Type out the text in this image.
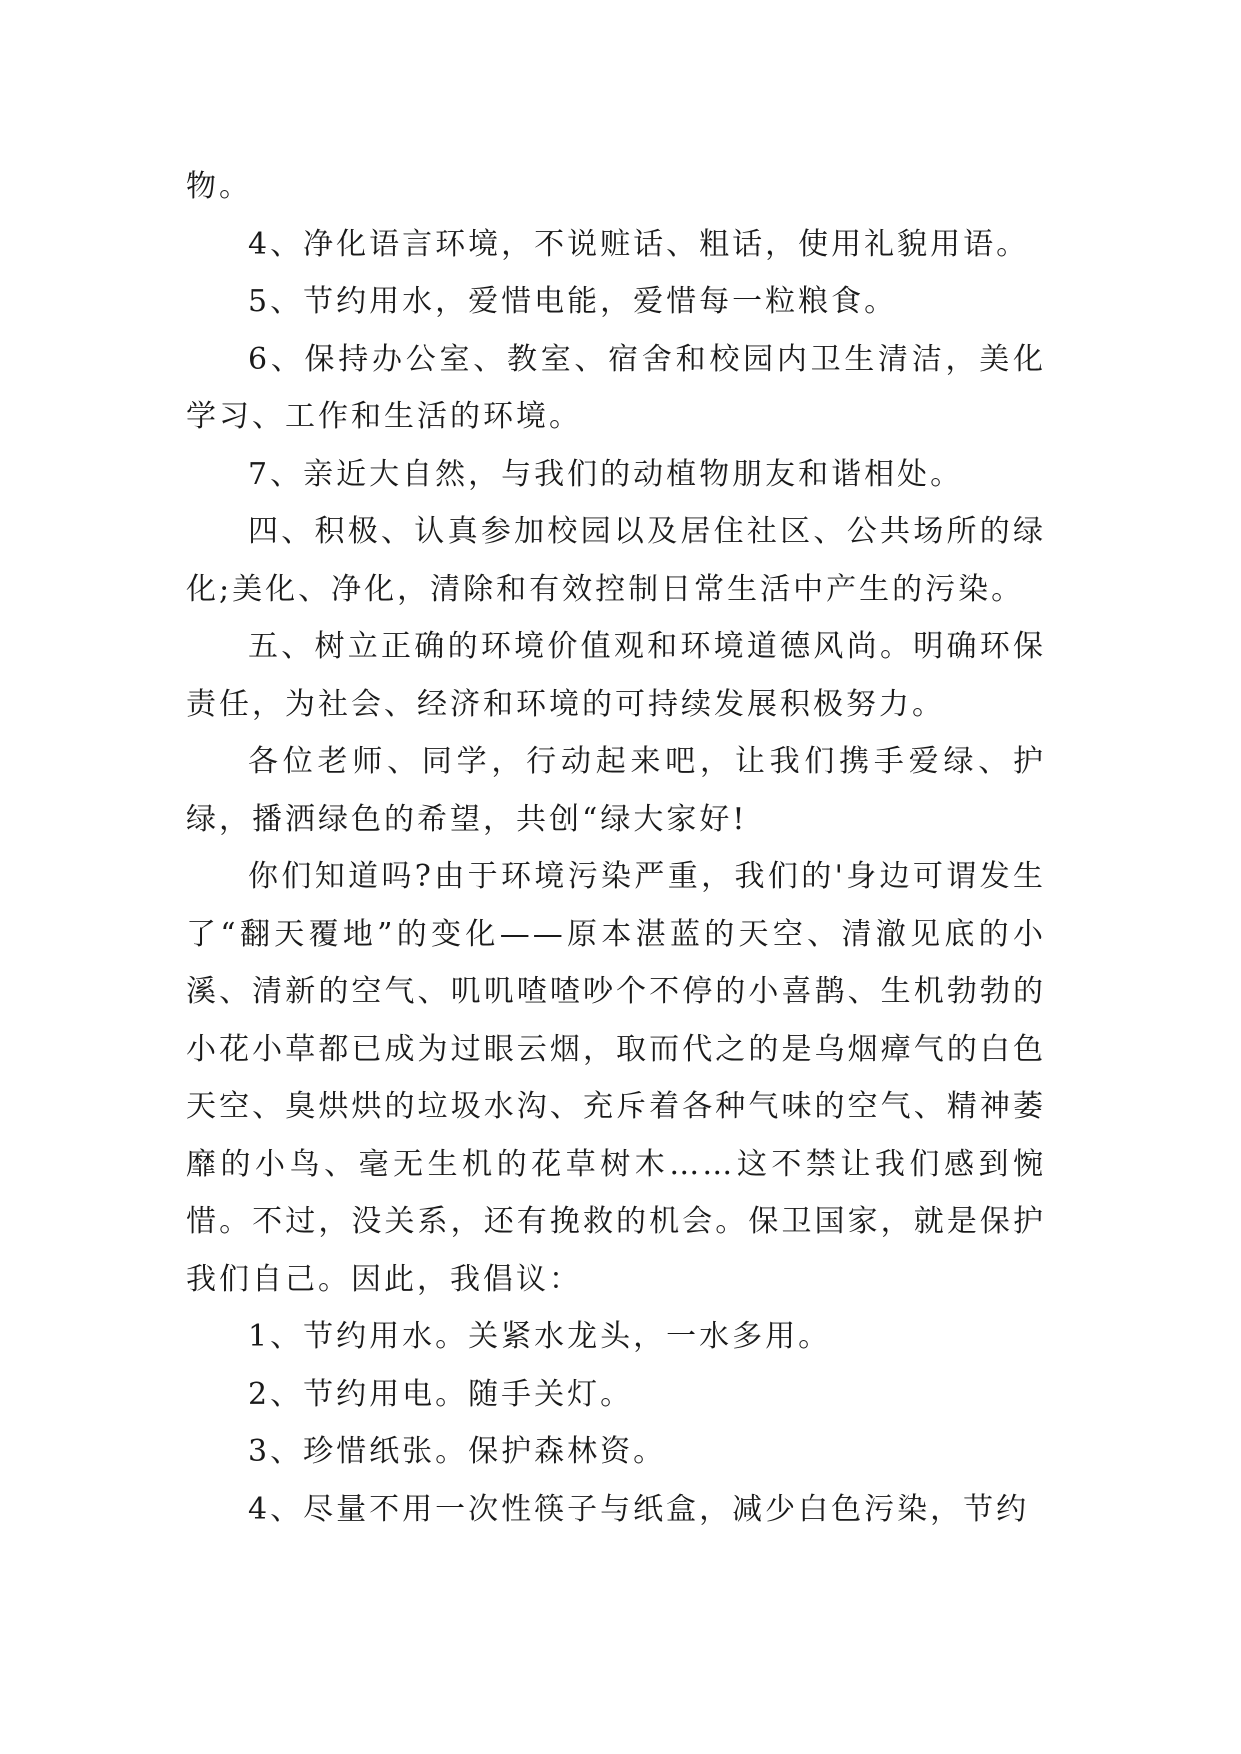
物。

4、净化语言环境，不说赃话、粗话，使用礼貌用语。

5、节约用水，爱惜电能，爱惜每一粒粮食。

6、保持办公室、教室、宿舍和校园内卫生清洁，美化学习、工作和生活的环境。

7、亲近大自然，与我们的动植物朋友和谐相处。

四、积极、认真参加校园以及居住社区、公共场所的绿化;美化、净化，清除和有效控制日常生活中产生的污染。

五、树立正确的环境价值观和环境道德风尚。明确环保责任，为社会、经济和环境的可持续发展积极努力。

各位老师、同学，行动起来吧，让我们携手爱绿、护绿，播洒绿色的希望，共创“绿大家好!

你们知道吗?由于环境污染严重，我们的'身边可谓发生了“翻天覆地”的变化——原本湛蓝的天空、清澈见底的小溪、清新的空气、叽叽喳喳吵个不停的小喜鹊、生机勃勃的小花小草都已成为过眼云烟，取而代之的是乌烟瘴气的白色天空、臭烘烘的垃圾水沟、充斥着各种气味的空气、精神萎靡的小鸟、毫无生机的花草树木……这不禁让我们感到惋惜。不过，没关系，还有挽救的机会。保卫国家，就是保护我们自己。因此，我倡议：

1、节约用水。关紧水龙头，一水多用。

2、节约用电。随手关灯。

3、珍惜纸张。保护森林资。

4、尽量不用一次性筷子与纸盒，减少白色污染，节约
